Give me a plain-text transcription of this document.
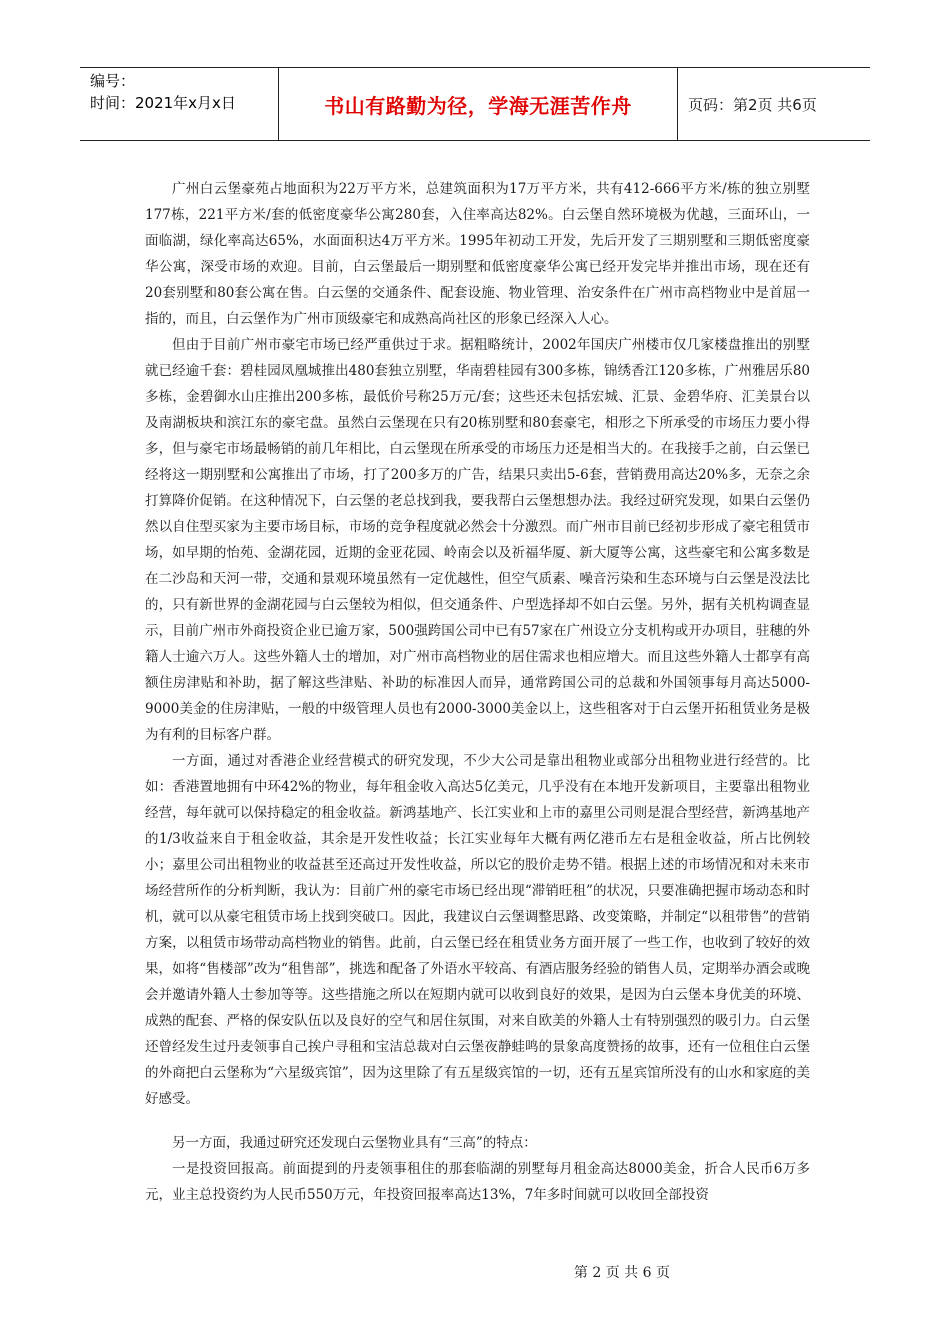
编号：
时间：2021年x月x日	书山有路勤为径，学海无涯苦作舟	页码：第2页 共6页

广州白云堡豪苑占地面积为22万平方米，总建筑面积为17万平方米，共有412-666平方米/栋的独立别墅177栋，221平方米/套的低密度豪华公寓280套，入住率高达82%。白云堡自然环境极为优越，三面环山，一面临湖，绿化率高达65%，水面面积达4万平方米。1995年初动工开发，先后开发了三期别墅和三期低密度豪华公寓，深受市场的欢迎。目前，白云堡最后一期别墅和低密度豪华公寓已经开发完毕并推出市场，现在还有20套别墅和80套公寓在售。白云堡的交通条件、配套设施、物业管理、治安条件在广州市高档物业中是首屈一指的，而且，白云堡作为广州市顶级豪宅和成熟高尚社区的形象已经深入人心。

但由于目前广州市豪宅市场已经严重供过于求。据粗略统计，2002年国庆广州楼市仅几家楼盘推出的别墅就已经逾千套：碧桂园凤凰城推出480套独立别墅，华南碧桂园有300多栋，锦绣香江120多栋，广州雅居乐80多栋，金碧御水山庄推出200多栋，最低价号称25万元/套；这些还未包括宏城、汇景、金碧华府、汇美景台以及南湖板块和滨江东的豪宅盘。虽然白云堡现在只有20栋别墅和80套豪宅，相形之下所承受的市场压力要小得多，但与豪宅市场最畅销的前几年相比，白云堡现在所承受的市场压力还是相当大的。在我接手之前，白云堡已经将这一期别墅和公寓推出了市场，打了200多万的广告，结果只卖出5-6套，营销费用高达20%多，无奈之余打算降价促销。在这种情况下，白云堡的老总找到我，要我帮白云堡想想办法。我经过研究发现，如果白云堡仍然以自住型买家为主要市场目标，市场的竞争程度就必然会十分激烈。而广州市目前已经初步形成了豪宅租赁市场，如早期的怡苑、金湖花园，近期的金亚花园、岭南会以及祈福华厦、新大厦等公寓，这些豪宅和公寓多数是在二沙岛和天河一带，交通和景观环境虽然有一定优越性，但空气质素、噪音污染和生态环境与白云堡是没法比的，只有新世界的金湖花园与白云堡较为相似，但交通条件、户型选择却不如白云堡。另外，据有关机构调查显示，目前广州市外商投资企业已逾万家，500强跨国公司中已有57家在广州设立分支机构或开办项目，驻穗的外籍人士逾六万人。这些外籍人士的增加，对广州市高档物业的居住需求也相应增大。而且这些外籍人士都享有高额住房津贴和补助，据了解这些津贴、补助的标准因人而异，通常跨国公司的总裁和外国领事每月高达5000-9000美金的住房津贴，一般的中级管理人员也有2000-3000美金以上，这些租客对于白云堡开拓租赁业务是极为有利的目标客户群。

一方面，通过对香港企业经营模式的研究发现，不少大公司是靠出租物业或部分出租物业进行经营的。比如：香港置地拥有中环42%的物业，每年租金收入高达5亿美元，几乎没有在本地开发新项目，主要靠出租物业经营，每年就可以保持稳定的租金收益。新鸿基地产、长江实业和上市的嘉里公司则是混合型经营，新鸿基地产的1/3收益来自于租金收益，其余是开发性收益；长江实业每年大概有两亿港币左右是租金收益，所占比例较小；嘉里公司出租物业的收益甚至还高过开发性收益，所以它的股价走势不错。根据上述的市场情况和对未来市场经营所作的分析判断，我认为：目前广州的豪宅市场已经出现“滞销旺租”的状况，只要准确把握市场动态和时机，就可以从豪宅租赁市场上找到突破口。因此，我建议白云堡调整思路、改变策略，并制定“以租带售”的营销方案，以租赁市场带动高档物业的销售。此前，白云堡已经在租赁业务方面开展了一些工作，也收到了较好的效果，如将“售楼部”改为“租售部”，挑选和配备了外语水平较高、有酒店服务经验的销售人员，定期举办酒会或晚会并邀请外籍人士参加等等。这些措施之所以在短期内就可以收到良好的效果，是因为白云堡本身优美的环境、成熟的配套、严格的保安队伍以及良好的空气和居住氛围，对来自欧美的外籍人士有特别强烈的吸引力。白云堡还曾经发生过丹麦领事自己挨户寻租和宝洁总裁对白云堡夜静蛙鸣的景象高度赞扬的故事，还有一位租住白云堡的外商把白云堡称为“六星级宾馆”，因为这里除了有五星级宾馆的一切，还有五星宾馆所没有的山水和家庭的美好感受。

另一方面，我通过研究还发现白云堡物业具有“三高”的特点：

一是投资回报高。前面提到的丹麦领事租住的那套临湖的别墅每月租金高达8000美金，折合人民币6万多元，业主总投资约为人民币550万元，年投资回报率高达13%，7年多时间就可以收回全部投资

第 2 页 共 6 页
